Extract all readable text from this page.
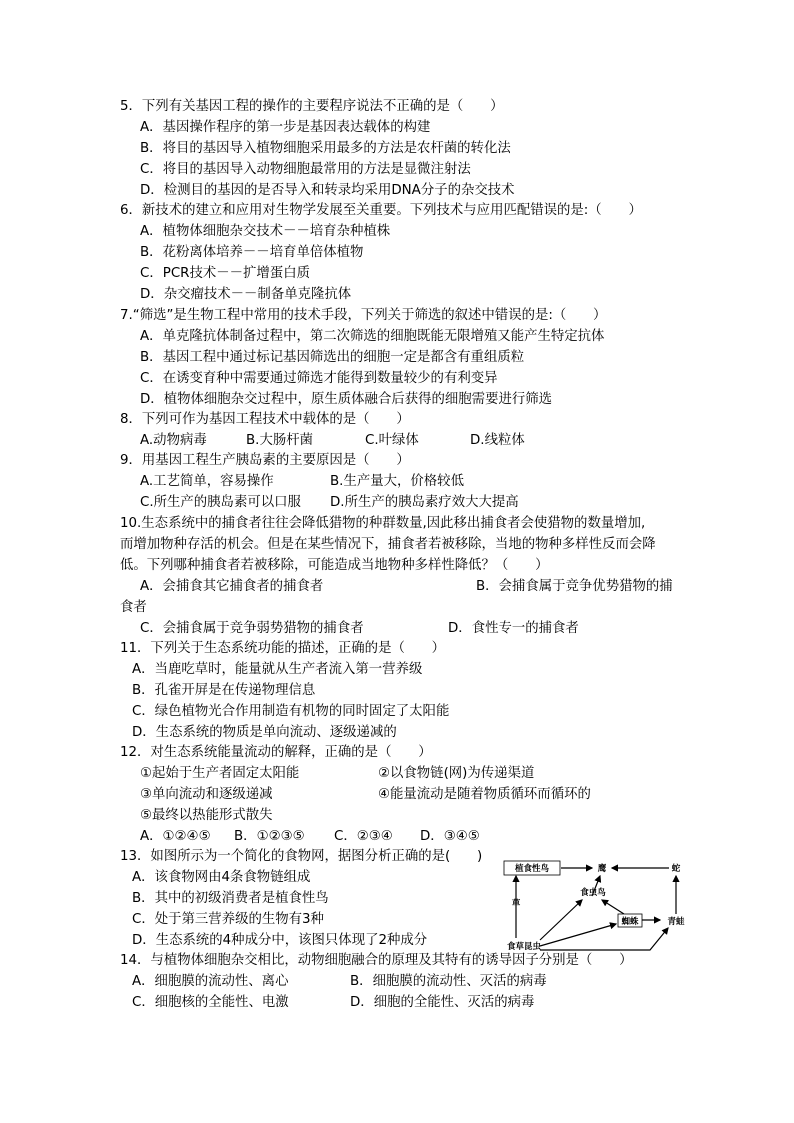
5．下列有关基因工程的操作的主要程序说法不正确的是（　　）
A．基因操作程序的第一步是基因表达载体的构建
B．将目的基因导入植物细胞采用最多的方法是农杆菌的转化法
C．将目的基因导入动物细胞最常用的方法是显微注射法
D．检测目的基因的是否导入和转录均采用DNA分子的杂交技术
6．新技术的建立和应用对生物学发展至关重要。下列技术与应用匹配错误的是:（　　）
A．植物体细胞杂交技术－－培育杂种植株
B．花粉离体培养－－培育单倍体植物
C．PCR技术－－扩增蛋白质
D．杂交瘤技术－－制备单克隆抗体
7.“筛选”是生物工程中常用的技术手段，下列关于筛选的叙述中错误的是:（　　）
A．单克隆抗体制备过程中，第二次筛选的细胞既能无限增殖又能产生特定抗体
B．基因工程中通过标记基因筛选出的细胞一定是都含有重组质粒
C．在诱变育种中需要通过筛选才能得到数量较少的有利变异
D．植物体细胞杂交过程中，原生质体融合后获得的细胞需要进行筛选
8．下列可作为基因工程技术中载体的是（　　）
A.动物病毒	B.大肠杆菌	C.叶绿体	D.线粒体
9．用基因工程生产胰岛素的主要原因是（　　）
A.工艺简单，容易操作	B.生产量大，价格较低
C.所生产的胰岛素可以口服 D.所生产的胰岛素疗效大大提高
10.生态系统中的捕食者往往会降低猎物的种群数量,因此移出捕食者会使猎物的数量增加,
而增加物种存活的机会。但是在某些情况下，捕食者若被移除，当地的物种多样性反而会降
低。下列哪种捕食者若被移除，可能造成当地物种多样性降低？（　　）
A．会捕食其它捕食者的捕食者	B．会捕食属于竞争优势猎物的捕
食者
C．会捕食属于竞争弱势猎物的捕食者	D．食性专一的捕食者
11．下列关于生态系统功能的描述，正确的是（　　）
A．当鹿吃草时，能量就从生产者流入第一营养级
B．孔雀开屏是在传递物理信息
C．绿色植物光合作用制造有机物的同时固定了太阳能
D．生态系统的物质是单向流动、逐级递减的
12．对生态系统能量流动的解释，正确的是（　　）
①起始于生产者固定太阳能	②以食物链(网)为传递渠道
③单向流动和逐级递减	④能量流动是随着物质循环而循环的
⑤最终以热能形式散失
A．①②④⑤ B．①②③⑤ C．②③④ D．③④⑤
13．如图所示为一个简化的食物网，据图分析正确的是(　　)
A．该食物网由4条食物链组成
B．其中的初级消费者是植食性鸟
C．处于第三营养级的生物有3种
D．生态系统的4种成分中，该图只体现了2种成分
植食性鸟	鹰	蛇
草
食虫鸟
蜘蛛	青蛙
食草昆虫
14．与植物体细胞杂交相比，动物细胞融合的原理及其特有的诱导因子分别是（　　）
A．细胞膜的流动性、离心	B．细胞膜的流动性、灭活的病毒
C．细胞核的全能性、电激	D．细胞的全能性、灭活的病毒
